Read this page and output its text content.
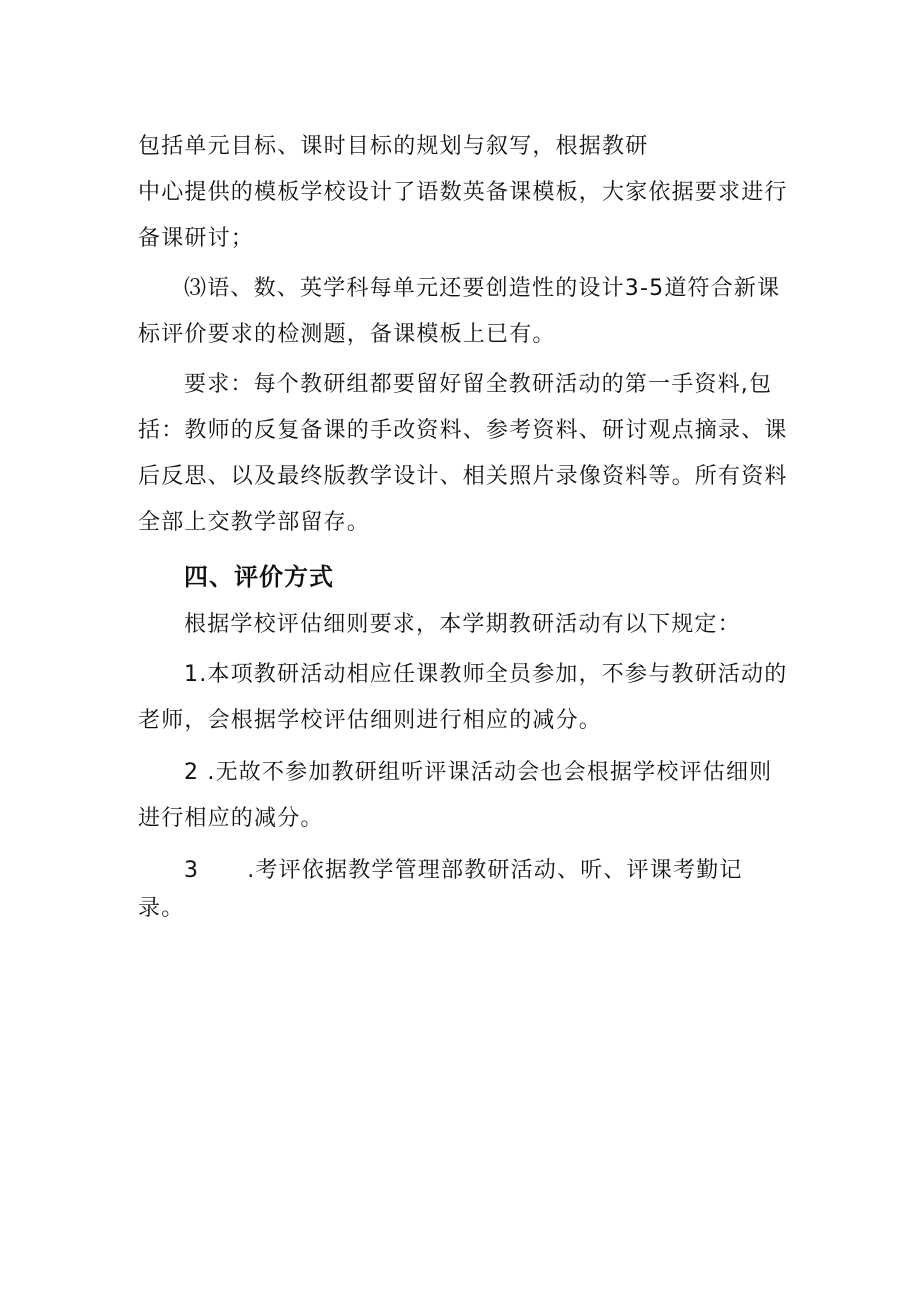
包括单元目标、课时目标的规划与叙写，根据教研

中心提供的模板学校设计了语数英备课模板，大家依据要求进行

备课研讨；

⑶语、数、英学科每单元还要创造性的设计3-5道符合新课

标评价要求的检测题，备课模板上已有。

要求：每个教研组都要留好留全教研活动的第一手资料,包

括：教师的反复备课的手改资料、参考资料、研讨观点摘录、课

后反思、以及最终版教学设计、相关照片录像资料等。所有资料

全部上交教学部留存。

四、评价方式

根据学校评估细则要求，本学期教研活动有以下规定：

1.本项教研活动相应任课教师全员参加，不参与教研活动的

老师，会根据学校评估细则进行相应的减分。

2 .无故不参加教研组听评课活动会也会根据学校评估细则

进行相应的减分。

3 .考评依据教学管理部教研活动、听、评课考勤记

录。
